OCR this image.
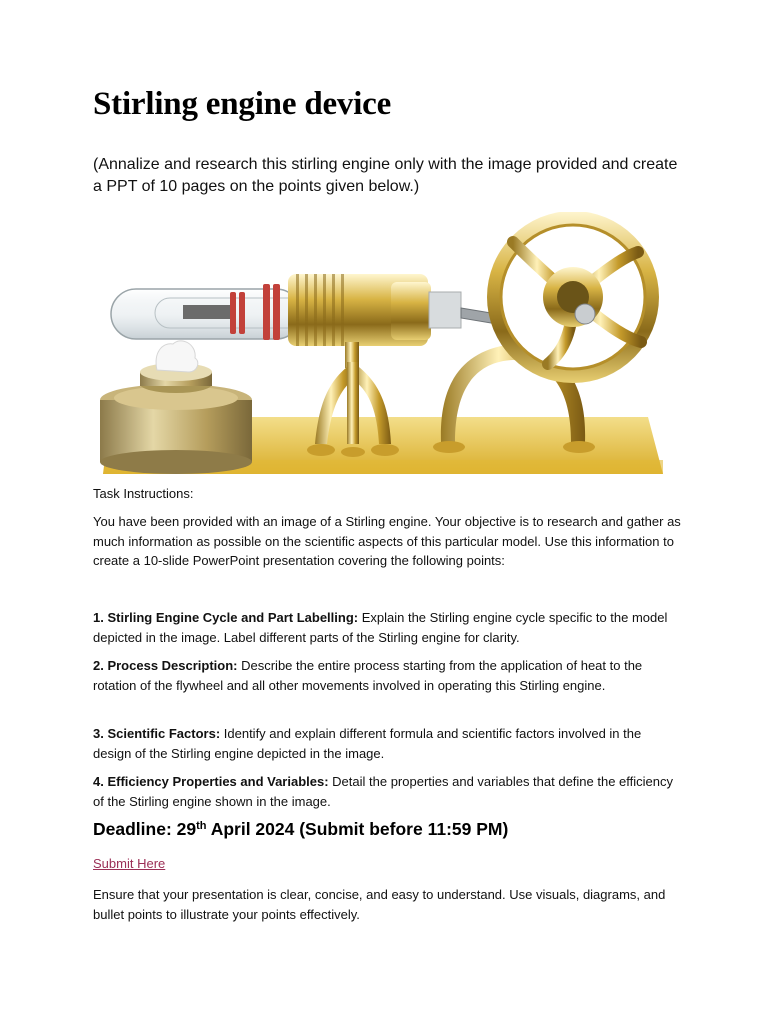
Stirling engine device

(Annalize and research this stirling engine only with the image provided and create a PPT of 10 pages on the points given below.)

Task Instructions:

You have been provided with an image of a Stirling engine. Your objective is to research and gather as much information as possible on the scientific aspects of this particular model. Use this information to create a 10-slide PowerPoint presentation covering the following points:

1. Stirling Engine Cycle and Part Labelling: Explain the Stirling engine cycle specific to the model depicted in the image. Label different parts of the Stirling engine for clarity.

2. Process Description: Describe the entire process starting from the application of heat to the rotation of the flywheel and all other movements involved in operating this Stirling engine.

3. Scientific Factors: Identify and explain different formula and scientific factors involved in the design of the Stirling engine depicted in the image.

4. Efficiency Properties and Variables: Detail the properties and variables that define the efficiency of the Stirling engine shown in the image.

Deadline: 29th April 2024 (Submit before 11:59 PM)

Submit Here

Ensure that your presentation is clear, concise, and easy to understand. Use visuals, diagrams, and bullet points to illustrate your points effectively.
